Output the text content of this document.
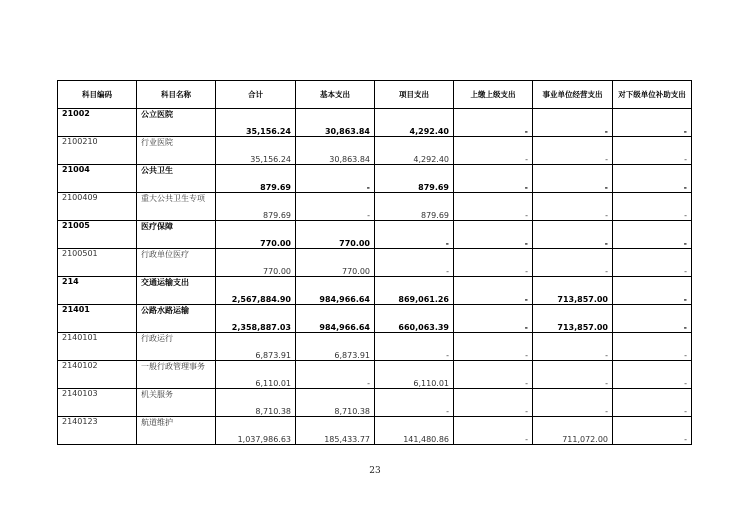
科目编码	科目名称	合计	基本支出	项目支出	上缴上级支出	事业单位经营支出	对下级单位补助支出
21002	公立医院	35,156.24	30,863.84	4,292.40	-	-	-
2100210	行业医院	35,156.24	30,863.84	4,292.40	-	-	-
21004	公共卫生	879.69	-	879.69	-	-	-
2100409	重大公共卫生专项	879.69	-	879.69	-	-	-
21005	医疗保障	770.00	770.00	-	-	-	-
2100501	行政单位医疗	770.00	770.00	-	-	-	-
214	交通运输支出	2,567,884.90	984,966.64	869,061.26	-	713,857.00	-
21401	公路水路运输	2,358,887.03	984,966.64	660,063.39	-	713,857.00	-
2140101	行政运行	6,873.91	6,873.91	-	-	-	-
2140102	一般行政管理事务	6,110.01	-	6,110.01	-	-	-
2140103	机关服务	8,710.38	8,710.38	-	-	-	-
2140123	航道维护	1,037,986.63	185,433.77	141,480.86	-	711,072.00	-
23
